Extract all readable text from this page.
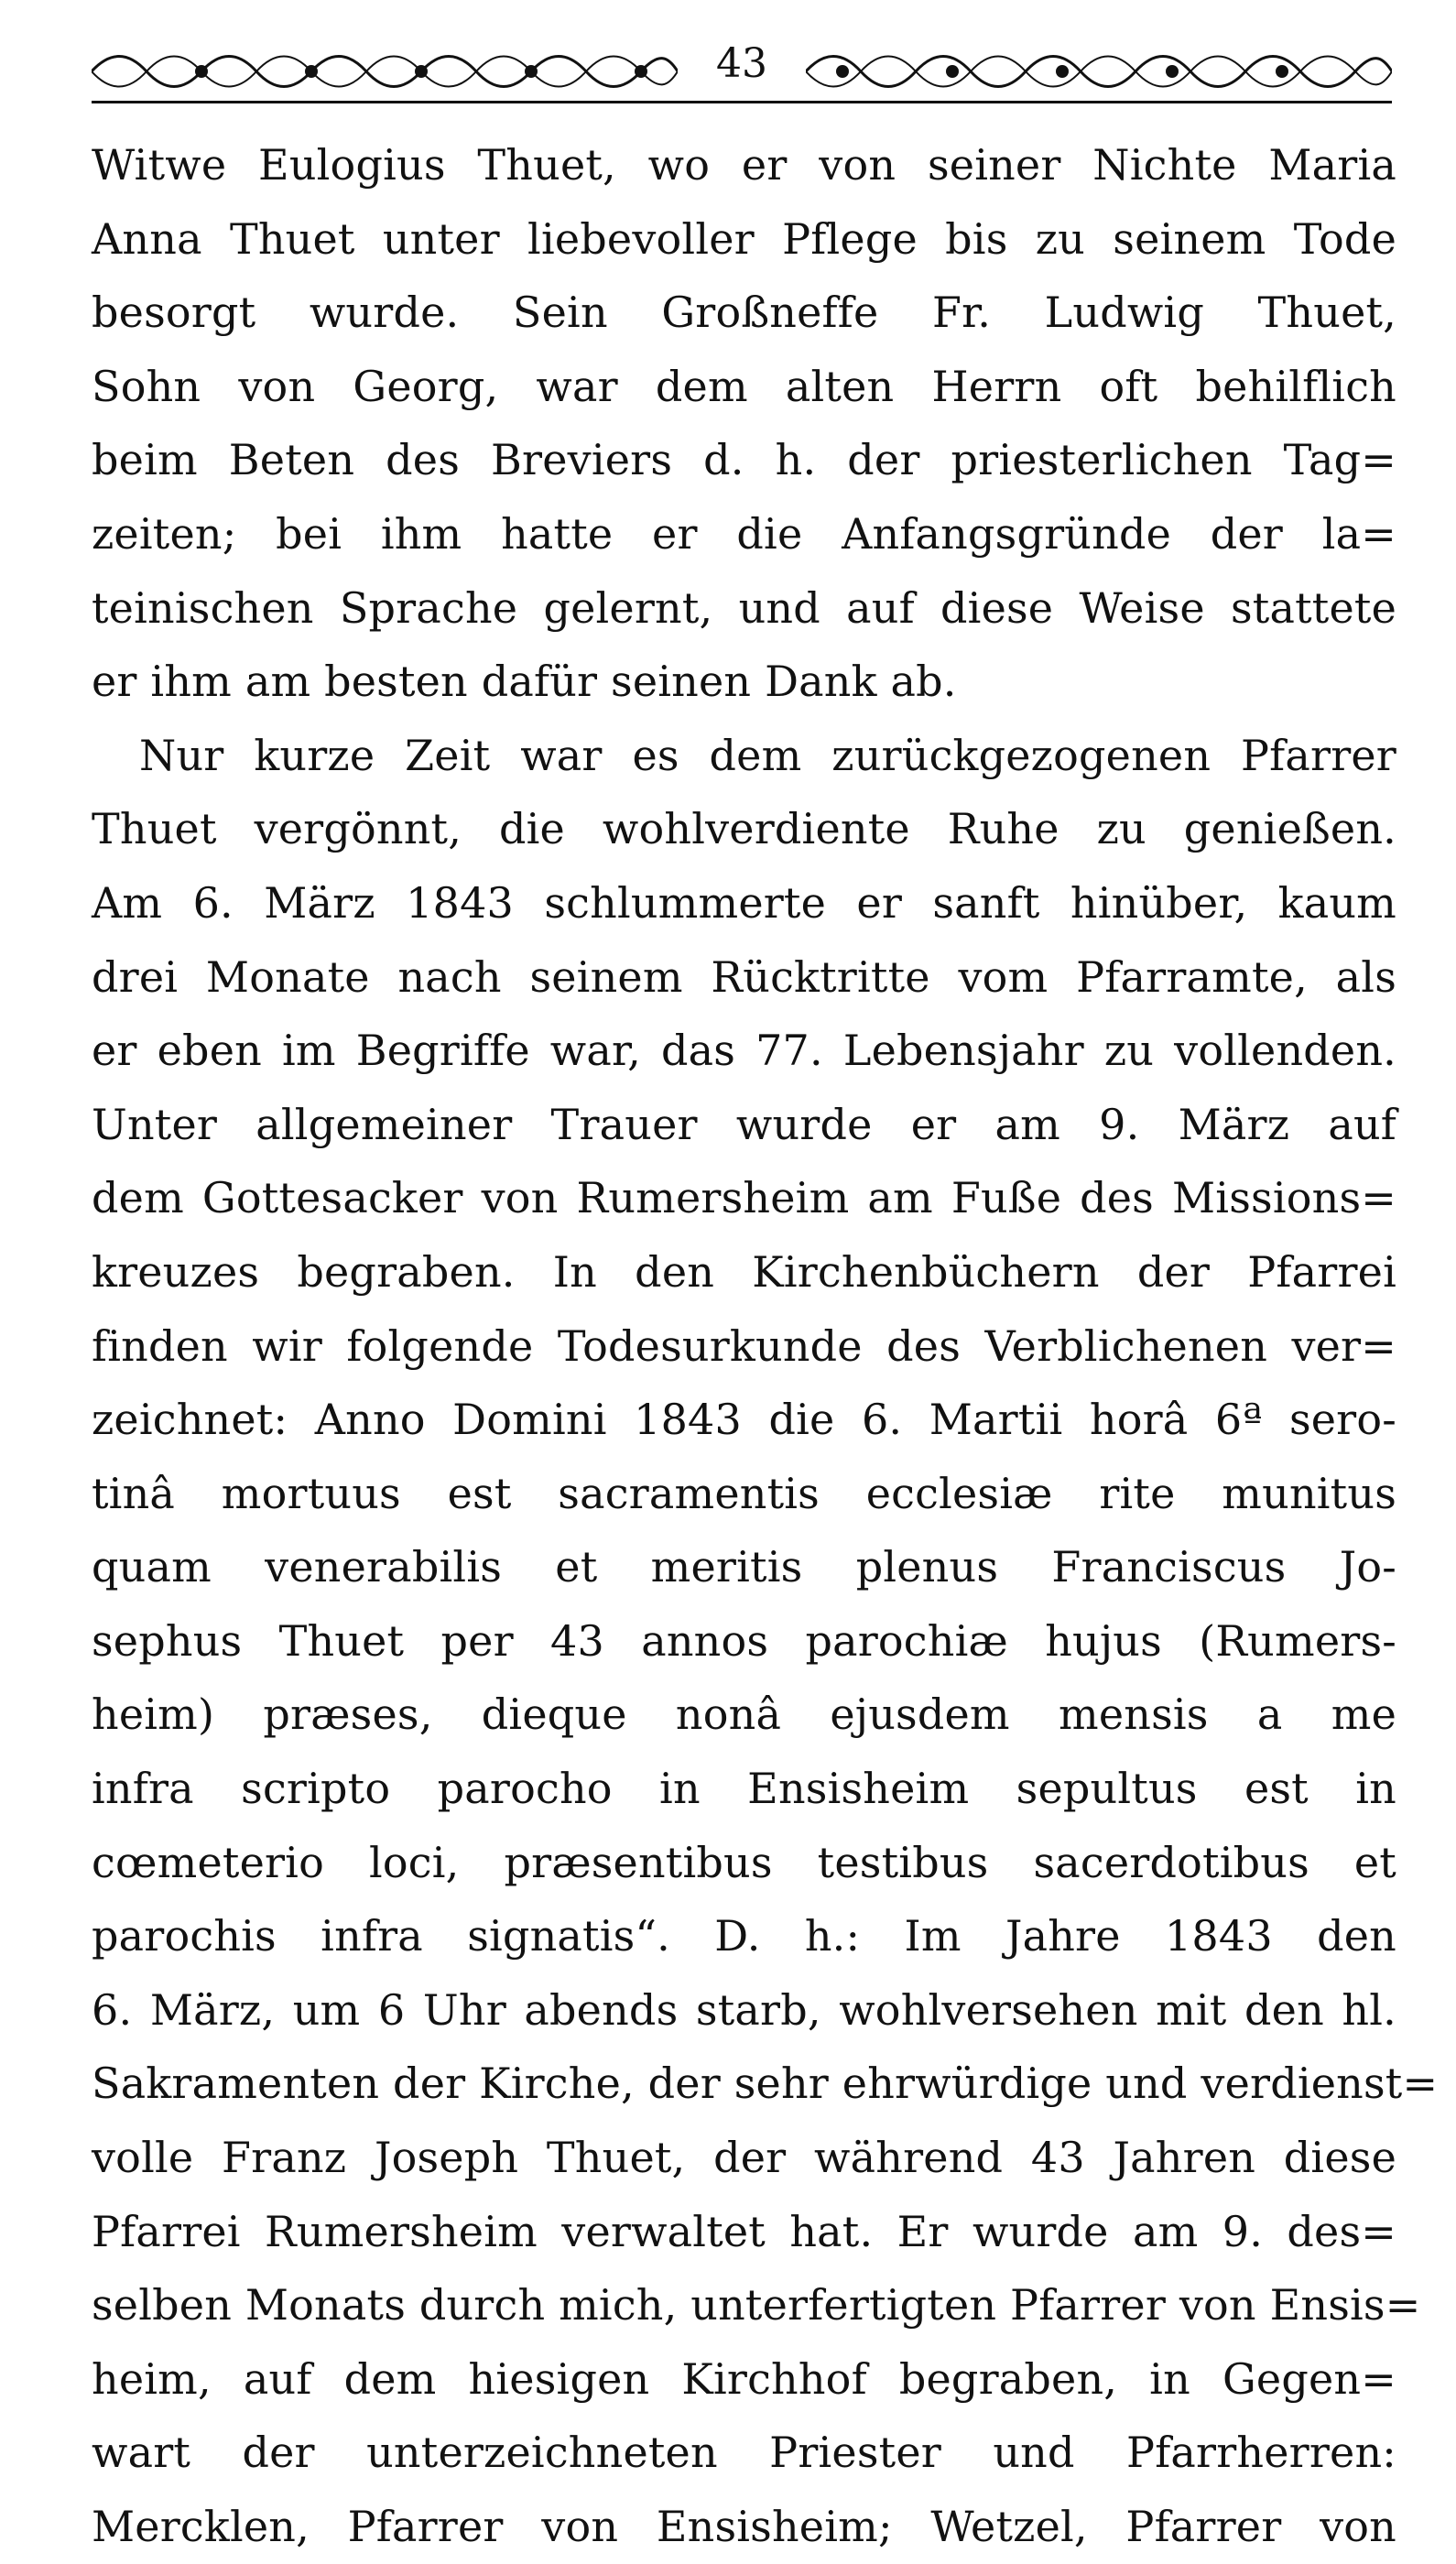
43
Witwe Eulogius Thuet, wo er von seiner Nichte Maria
Anna Thuet unter liebevoller Pflege bis zu seinem Tode
besorgt wurde. Sein Großneffe Fr. Ludwig Thuet,
Sohn von Georg, war dem alten Herrn oft behilflich
beim Beten des Breviers d. h. der priesterlichen Tag=
zeiten; bei ihm hatte er die Anfangsgründe der la=
teinischen Sprache gelernt, und auf diese Weise stattete
er ihm am besten dafür seinen Dank ab.
Nur kurze Zeit war es dem zurückgezogenen Pfarrer
Thuet vergönnt, die wohlverdiente Ruhe zu genießen.
Am 6. März 1843 schlummerte er sanft hinüber, kaum
drei Monate nach seinem Rücktritte vom Pfarramte, als
er eben im Begriffe war, das 77. Lebensjahr zu vollenden.
Unter allgemeiner Trauer wurde er am 9. März auf
dem Gottesacker von Rumersheim am Fuße des Missions=
kreuzes begraben. In den Kirchenbüchern der Pfarrei
finden wir folgende Todesurkunde des Verblichenen ver=
zeichnet: Anno Domini 1843 die 6. Martii horâ 6ª sero-
tinâ mortuus est sacramentis ecclesiæ rite munitus
quam venerabilis et meritis plenus Franciscus Jo-
sephus Thuet per 43 annos parochiæ hujus (Rumers-
heim) præses, dieque nonâ ejusdem mensis a me
infra scripto parocho in Ensisheim sepultus est in
cœmeterio loci, præsentibus testibus sacerdotibus et
parochis infra signatis“. D. h.: Im Jahre 1843 den
6. März, um 6 Uhr abends starb, wohlversehen mit den hl.
Sakramenten der Kirche, der sehr ehrwürdige und verdienst=
volle Franz Joseph Thuet, der während 43 Jahren diese
Pfarrei Rumersheim verwaltet hat. Er wurde am 9. des=
selben Monats durch mich, unterfertigten Pfarrer von Ensis=
heim, auf dem hiesigen Kirchhof begraben, in Gegen=
wart der unterzeichneten Priester und Pfarrherren:
Mercklen, Pfarrer von Ensisheim; Wetzel, Pfarrer von
